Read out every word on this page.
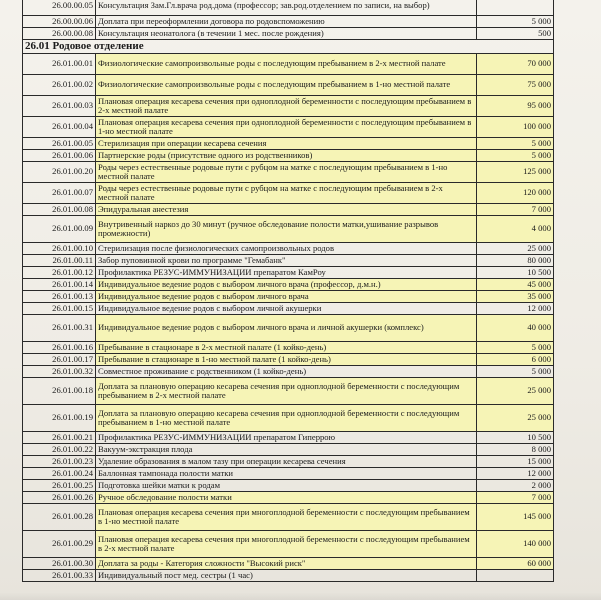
26.00.00.05	Консультация Зам.Гл.врача род.дома (профессор; зав.род.отделением по записи, на выбор)	
26.00.00.06	Доплата при переоформлении договора по родовспоможению	5 000
26.00.00.08	Консультация неонатолога (в течении 1 мес. после рождения)	500
26.01 Родовое отделение		
26.01.00.01	Физиологические самопроизвольные роды с последующим пребыванием в 2-х местной палате	70 000
26.01.00.02	Физиологические самопроизвольные роды с последующим пребыванием в 1-но местной палате	75 000
26.01.00.03	Плановая операция кесарева сечения при одноплодной беременности с последующим пребыванием в 2-х местной палате	95 000
26.01.00.04	Плановая операция кесарева сечения при одноплодной беременности с последующим пребыванием в 1-но местной палате	100 000
26.01.00.05	Стерилизация при операции кесарева сечения	5 000
26.01.00.06	Партнерские роды (присутствие одного из родственников)	5 000
26.01.00.20	Роды через естественные родовые пути с рубцом на матке с последующим пребыванием в 1-но местной палате	125 000
26.01.00.07	Роды через естественные родовые пути с рубцом на матке с последующим пребыванием в 2-х местной палате	120 000
26.01.00.08	Эпидуральная анестезия	7 000
26.01.00.09	Внутривенный наркоз до 30 минут (ручное обследование полости матки,ушивание разрывов промежности)	4 000
26.01.00.10	Стерилизация после физиологических самопроизвольных родов	25 000
26.01.00.11	Забор пуповинной крови по программе "Гемабанк"	80 000
26.01.00.12	Профилактика РЕЗУС-ИММУНИЗАЦИИ препаратом КамРоу	10 500
26.01.00.14	Индивидуальное ведение родов с выбором личного врача (профессор, д.м.н.)	45 000
26.01.00.13	Индивидуальное ведение родов с выбором личного врача	35 000
26.01.00.15	Индивидуальное ведение родов с выбором личной акушерки	12 000
26.01.00.31	Индивидуальное ведение родов с выбором личного врача и личной акушерки (комплекс)	40 000
26.01.00.16	Пребывание в стационаре в 2-х местной палате (1 койко-день)	5 000
26.01.00.17	Пребывание в стационаре в 1-но местной палате (1 койко-день)	6 000
26.01.00.32	Совместное проживание с родственником (1 койко-день)	5 000
26.01.00.18	Доплата за плановую операцию кесарева сечения при одноплодной беременности с последующим пребыванием в 2-х местной палате	25 000
26.01.00.19	Доплата за плановую операцию кесарева сечения при одноплодной беременности с последующим пребыванием в 1-но местной палате	25 000
26.01.00.21	Профилактика РЕЗУС-ИММУНИЗАЦИИ препаратом Гиперрою	10 500
26.01.00.22	Вакуум-экстракция плода	8 000
26.01.00.23	Удаление образования в малом тазу при операции кесарева сечения	15 000
26.01.00.24	Баллонная тампонада полости матки	12 000
26.01.00.25	Подготовка шейки матки к родам	2 000
26.01.00.26	Ручное обследование полости матки	7 000
26.01.00.28	Плановая операция кесарева сечения при многоплодной беременности с последующим пребыванием в 1-но местной палате	145 000
26.01.00.29	Плановая операция кесарева сечения при многоплодной беременности с последующим пребыванием в 2-х местной палате	140 000
26.01.00.30	Доплата за роды - Категория сложности "Высокий риск"	60 000
26.01.00.33	Индивидуальный пост мед. сестры (1 час)	
